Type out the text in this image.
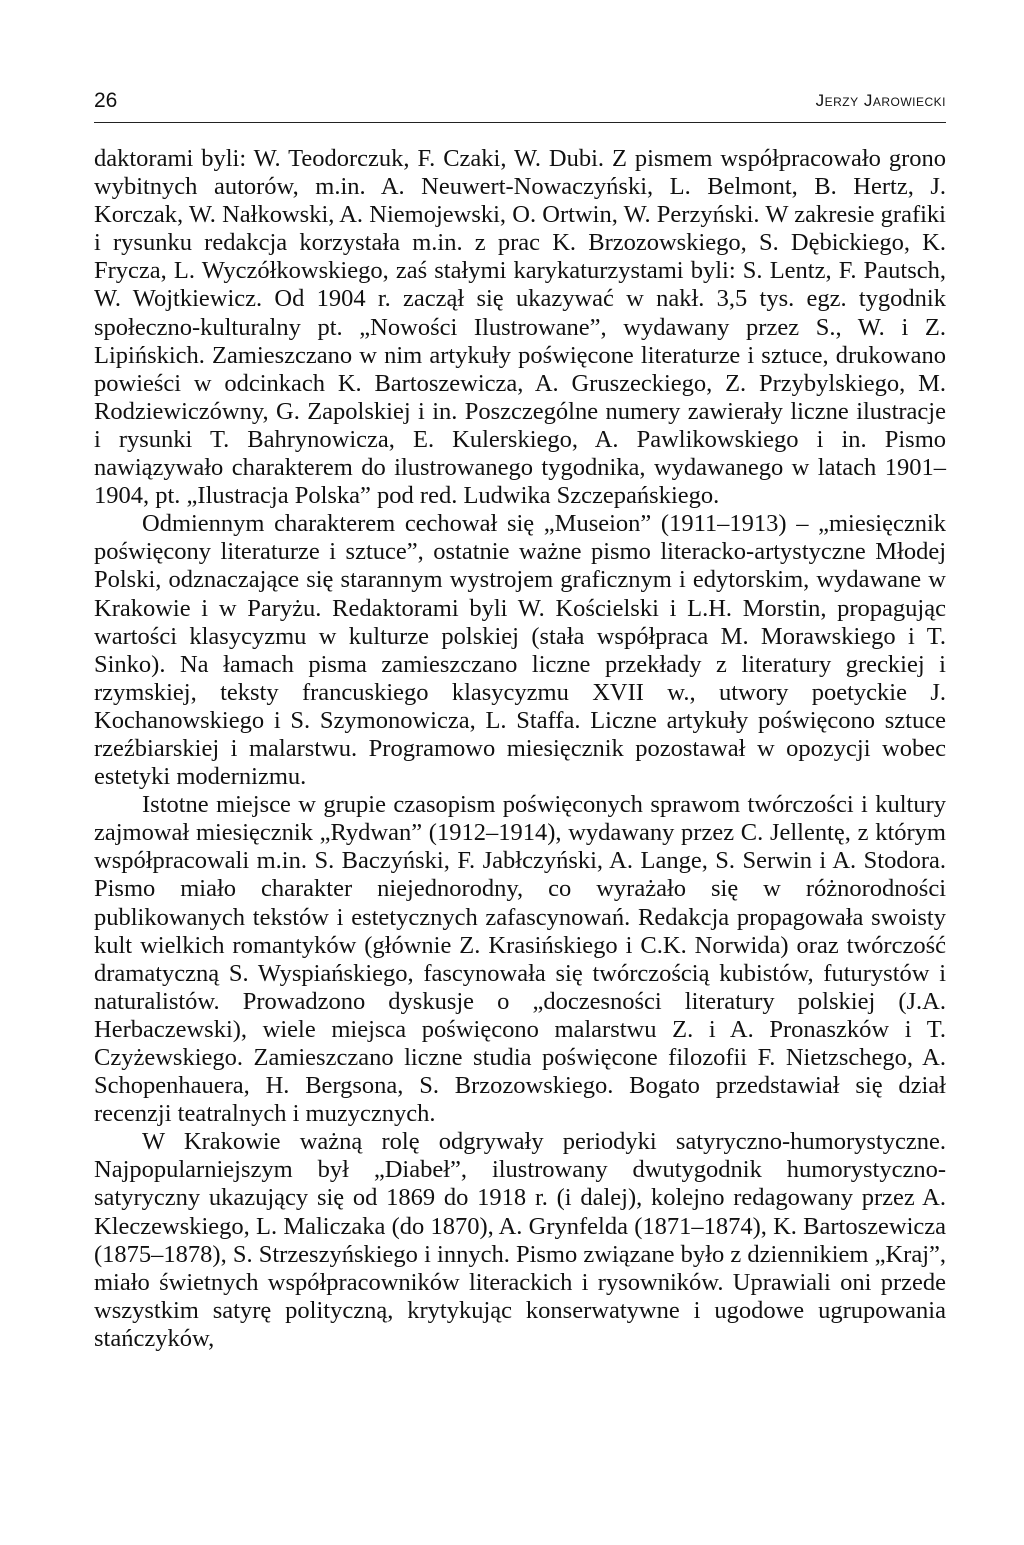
26	Jerzy Jarowiecki

daktorami byli: W. Teodorczuk, F. Czaki, W. Dubi. Z pismem współpracowało grono wybitnych autorów, m.in. A. Neuwert-Nowaczyński, L. Belmont, B. Hertz, J. Korczak, W. Nałkowski, A. Niemojewski, O. Ortwin, W. Perzyński. W zakresie grafiki i rysunku redakcja korzystała m.in. z prac K. Brzozowskiego, S. Dębickiego, K. Frycza, L. Wyczółkowskiego, zaś stałymi karykaturzystami byli: S. Lentz, F. Pautsch, W. Wojtkiewicz. Od 1904 r. zaczął się ukazywać w nakł. 3,5 tys. egz. tygodnik społeczno-kulturalny pt. „Nowości Ilustrowane”, wydawany przez S., W. i Z. Lipińskich. Zamieszczano w nim artykuły poświęcone literaturze i sztuce, drukowano powieści w odcinkach K. Bartoszewicza, A. Gruszeckiego, Z. Przybylskiego, M. Rodziewiczówny, G. Zapolskiej i in. Poszczególne numery zawierały liczne ilustracje i rysunki T. Bahrynowicza, E. Kulerskiego, A. Pawlikowskiego i in. Pismo nawiązywało charakterem do ilustrowanego tygodnika, wydawanego w latach 1901–1904, pt. „Ilustracja Polska” pod red. Ludwika Szczepańskiego.

Odmiennym charakterem cechował się „Museion” (1911–1913) – „miesięcznik poświęcony literaturze i sztuce”, ostatnie ważne pismo literacko-artystyczne Młodej Polski, odznaczające się starannym wystrojem graficznym i edytorskim, wydawane w Krakowie i w Paryżu. Redaktorami byli W. Kościelski i L.H. Morstin, propagując wartości klasycyzmu w kulturze polskiej (stała współpraca M. Morawskiego i T. Sinko). Na łamach pisma zamieszczano liczne przekłady z literatury greckiej i rzymskiej, teksty francuskiego klasycyzmu XVII w., utwory poetyckie J. Kochanowskiego i S. Szymonowicza, L. Staffa. Liczne artykuły poświęcono sztuce rzeźbiarskiej i malarstwu. Programowo miesięcznik pozostawał w opozycji wobec estetyki modernizmu.

Istotne miejsce w grupie czasopism poświęconych sprawom twórczości i kultury zajmował miesięcznik „Rydwan” (1912–1914), wydawany przez C. Jellentę, z którym współpracowali m.in. S. Baczyński, F. Jabłczyński, A. Lange, S. Serwin i A. Stodora. Pismo miało charakter niejednorodny, co wyrażało się w różnorodności publikowanych tekstów i estetycznych zafascynowań. Redakcja propagowała swoisty kult wielkich romantyków (głównie Z. Krasińskiego i C.K. Norwida) oraz twórczość dramatyczną S. Wyspiańskiego, fascynowała się twórczością kubistów, futurystów i naturalistów. Prowadzono dyskusje o „doczesności literatury polskiej (J.A. Herbaczewski), wiele miejsca poświęcono malarstwu Z. i A. Pronaszków i T. Czyżewskiego. Zamieszczano liczne studia poświęcone filozofii F. Nietzschego, A. Schopenhauera, H. Bergsona, S. Brzozowskiego. Bogato przedstawiał się dział recenzji teatralnych i muzycznych.

W Krakowie ważną rolę odgrywały periodyki satyryczno-humorystyczne. Najpopularniejszym był „Diabeł”, ilustrowany dwutygodnik humorystyczno-satyryczny ukazujący się od 1869 do 1918 r. (i dalej), kolejno redagowany przez A. Kleczewskiego, L. Maliczaka (do 1870), A. Grynfelda (1871–1874), K. Bartoszewicza (1875–1878), S. Strzeszyńskiego i innych. Pismo związane było z dziennikiem „Kraj”, miało świetnych współpracowników literackich i rysowników. Uprawiali oni przede wszystkim satyrę polityczną, krytykując konserwatywne i ugodowe ugrupowania stańczyków,
